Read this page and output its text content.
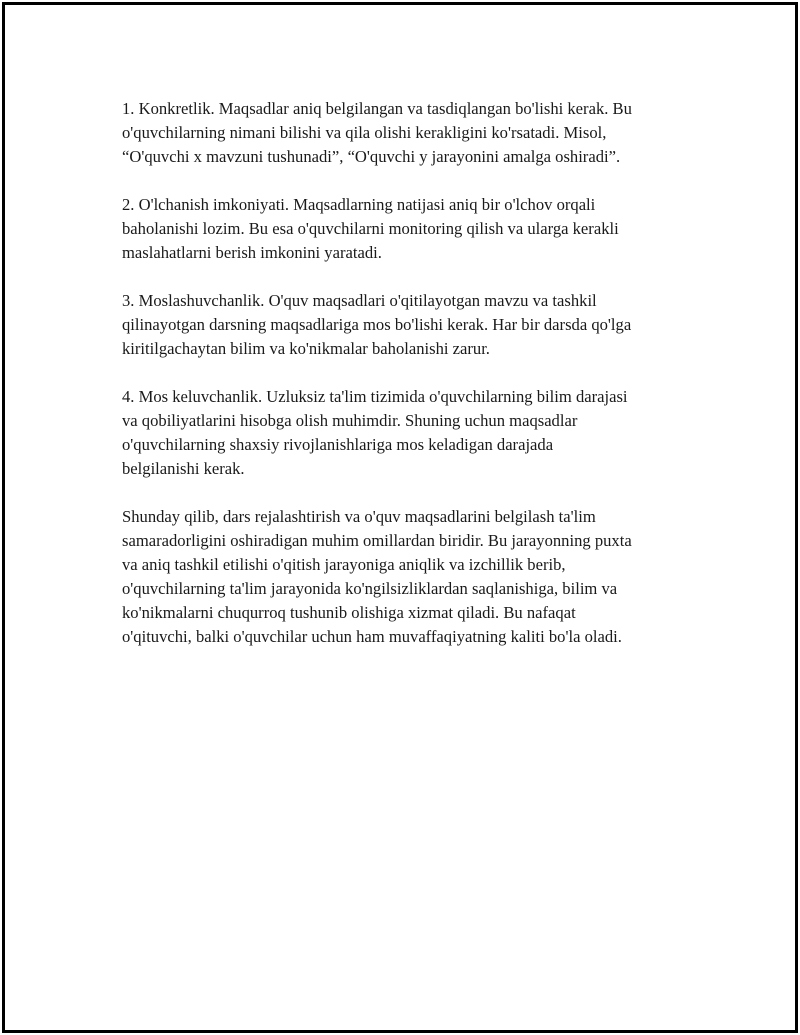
1. Konkretlik. Maqsadlar aniq belgilangan va tasdiqlangan bo'lishi kerak. Bu
o'quvchilarning nimani bilishi va qila olishi kerakligini ko'rsatadi. Misol,
“O'quvchi x mavzuni tushunadi”, “O'quvchi y jarayonini amalga oshiradi”.

2. O'lchanish imkoniyati. Maqsadlarning natijasi aniq bir o'lchov orqali
baholanishi lozim. Bu esa o'quvchilarni monitoring qilish va ularga kerakli
maslahatlarni berish imkonini yaratadi.

3. Moslashuvchanlik. O'quv maqsadlari o'qitilayotgan mavzu va tashkil
qilinayotgan darsning maqsadlariga mos bo'lishi kerak. Har bir darsda qo'lga
kiritilgachaytan bilim va ko'nikmalar baholanishi zarur.

4. Mos keluvchanlik. Uzluksiz ta'lim tizimida o'quvchilarning bilim darajasi
va qobiliyatlarini hisobga olish muhimdir. Shuning uchun maqsadlar
o'quvchilarning shaxsiy rivojlanishlariga mos keladigan darajada
belgilanishi kerak.

Shunday qilib, dars rejalashtirish va o'quv maqsadlarini belgilash ta'lim
samaradorligini oshiradigan muhim omillardan biridir. Bu jarayonning puxta
va aniq tashkil etilishi o'qitish jarayoniga aniqlik va izchillik berib,
o'quvchilarning ta'lim jarayonida ko'ngilsizliklardan saqlanishiga, bilim va
ko'nikmalarni chuqurroq tushunib olishiga xizmat qiladi. Bu nafaqat
o'qituvchi, balki o'quvchilar uchun ham muvaffaqiyatning kaliti bo'la oladi.
